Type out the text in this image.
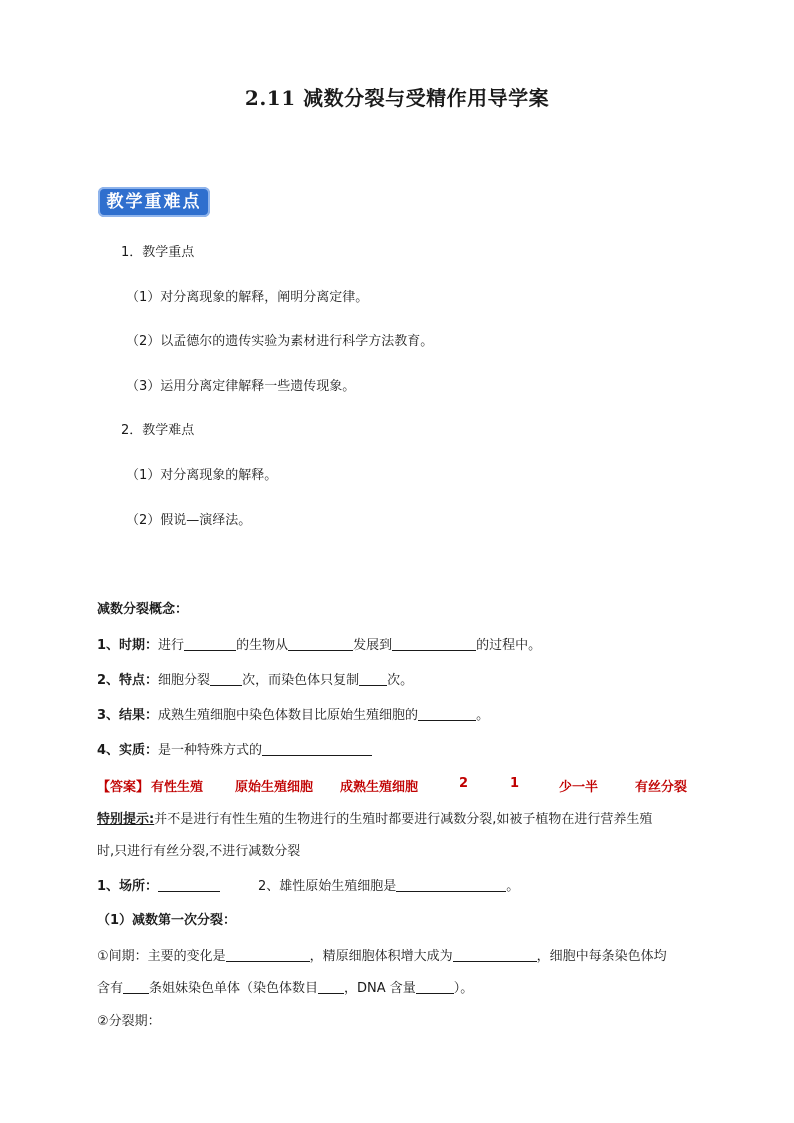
2.11 减数分裂与受精作用导学案
教学重难点
1．教学重点
（1）对分离现象的解释，阐明分离定律。
（2）以孟德尔的遗传实验为素材进行科学方法教育。
（3）运用分离定律解释一些遗传现象。
2．教学难点
（1）对分离现象的解释。
（2）假说—演绎法。
减数分裂概念：
1、时期：进行	的生物从	发展到	的过程中。
2、特点：细胞分裂 次，而染色体只复制 次。
3、结果：成熟生殖细胞中染色体数目比原始生殖细胞的	。
4、实质：是一种特殊方式的
【答案】 有性生殖 原始生殖细胞 成熟生殖细胞	2	1	少一半	有丝分裂
特别提示:并不是进行有性生殖的生物进行的生殖时都要进行减数分裂,如被子植物在进行营养生殖
时,只进行有丝分裂,不进行减数分裂
1、场所：	2、雄性原始生殖细胞是	。
（1）减数第一次分裂：
①间期：主要的变化是	，精原细胞体积增大成为	，细胞中每条染色体均
含有 条姐妹染色单体（染色体数目 ，DNA 含量	）。
②分裂期：
